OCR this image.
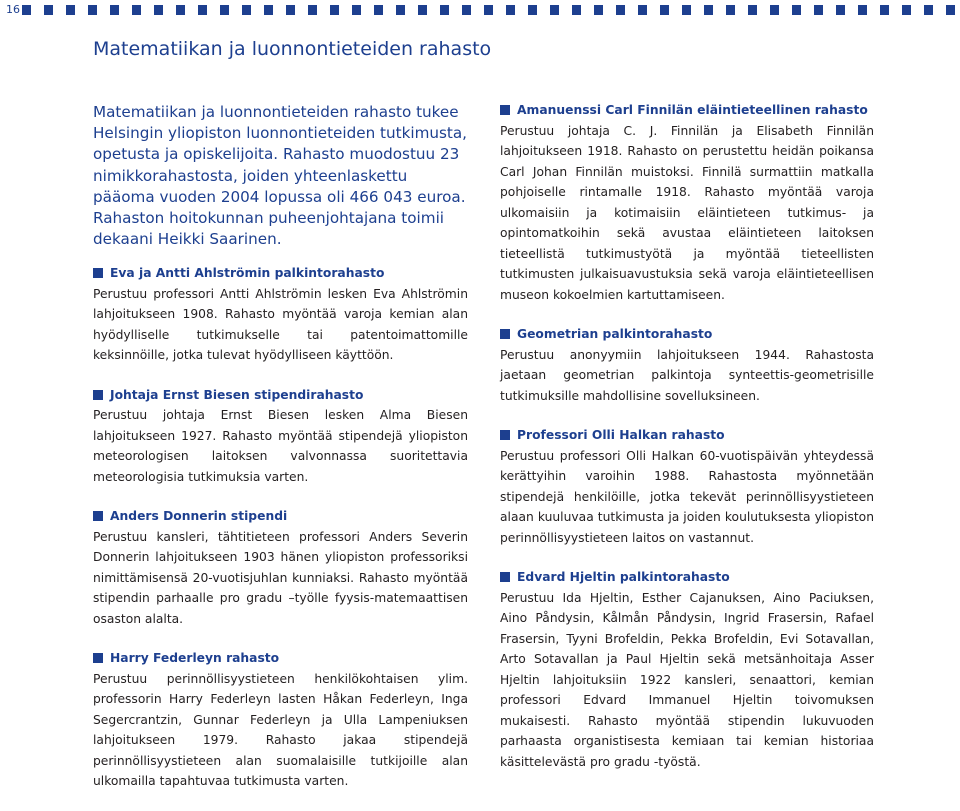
16
Matematiikan ja luonnontieteiden rahasto

Matematiikan ja luonnontieteiden rahasto tukee Helsingin yliopiston luonnontieteiden tutkimusta, opetusta ja opiskelijoita. Rahasto muodostuu 23 nimikkorahastosta, joiden yhteenlaskettu pääoma vuoden 2004 lopussa oli 466 043 euroa. Rahaston hoitokunnan puheenjohtajana toimii dekaani Heikki Saarinen.

Eva ja Antti Ahlströmin palkintorahasto

Perustuu professori Antti Ahlströmin lesken Eva Ahlströmin lahjoitukseen 1908. Rahasto myöntää varoja kemian alan hyödylliselle tutkimukselle tai patentoimattomille keksinnöille, jotka tulevat hyödylliseen käyttöön.

Johtaja Ernst Biesen stipendirahasto

Perustuu johtaja Ernst Biesen lesken Alma Biesen lahjoitukseen 1927. Rahasto myöntää stipendejä yliopiston meteorologisen laitoksen valvonnassa suoritettavia meteorologisia tutkimuksia varten.

Anders Donnerin stipendi

Perustuu kansleri, tähtitieteen professori Anders Severin Donnerin lahjoitukseen 1903 hänen yliopiston professoriksi nimittämisensä 20-vuotisjuhlan kunniaksi. Rahasto myöntää stipendin parhaalle pro gradu –työlle fyysis-matemaattisen osaston alalta.

Harry Federleyn rahasto

Perustuu perinnöllisyystieteen henkilökohtaisen ylim. professorin Harry Federleyn lasten Håkan Federleyn, Inga Segercrantzin, Gunnar Federleyn ja Ulla Lampeniuksen lahjoitukseen 1979. Rahasto jakaa stipendejä perinnöllisyystieteen alan suomalaisille tutkijoille alan ulkomailla tapahtuvaa tutkimusta varten.

Amanuenssi Carl Finnilän eläintieteellinen rahasto

Perustuu johtaja C. J. Finnilän ja Elisabeth Finnilän lahjoitukseen 1918. Rahasto on perustettu heidän poikansa Carl Johan Finnilän muistoksi. Finnilä surmattiin matkalla pohjoiselle rintamalle 1918. Rahasto myöntää varoja ulkomaisiin ja kotimaisiin eläintieteen tutkimus- ja opintomatkoihin sekä avustaa eläintieteen laitoksen tieteellistä tutkimustyötä ja myöntää tieteellisten tutkimusten julkaisuavustuksia sekä varoja eläintieteellisen museon kokoelmien kartuttamiseen.

Geometrian palkintorahasto

Perustuu anonyymiin lahjoitukseen 1944. Rahastosta jaetaan geometrian palkintoja synteettis-geometrisille tutkimuksille mahdollisine sovelluksineen.

Professori Olli Halkan rahasto

Perustuu professori Olli Halkan 60-vuotispäivän yhteydessä kerättyihin varoihin 1988. Rahastosta myönnetään stipendejä henkilöille, jotka tekevät perinnöllisyystieteen alaan kuuluvaa tutkimusta ja joiden koulutuksesta yliopiston perinnöllisyystieteen laitos on vastannut.

Edvard Hjeltin palkintorahasto

Perustuu Ida Hjeltin, Esther Cajanuksen, Aino Paciuksen, Aino Påndysin, Kålmån Påndysin, Ingrid Frasersin, Rafael Frasersin, Tyyni Brofeldin, Pekka Brofeldin, Evi Sotavallan, Arto Sotavallan ja Paul Hjeltin sekä metsänhoitaja Asser Hjeltin lahjoituksiin 1922 kansleri, senaattori, kemian professori Edvard Immanuel Hjeltin toivomuksen mukaisesti. Rahasto myöntää stipendin lukuvuoden parhaasta organistisesta kemiaan tai kemian historiaa käsittelevästä pro gradu -työstä.
